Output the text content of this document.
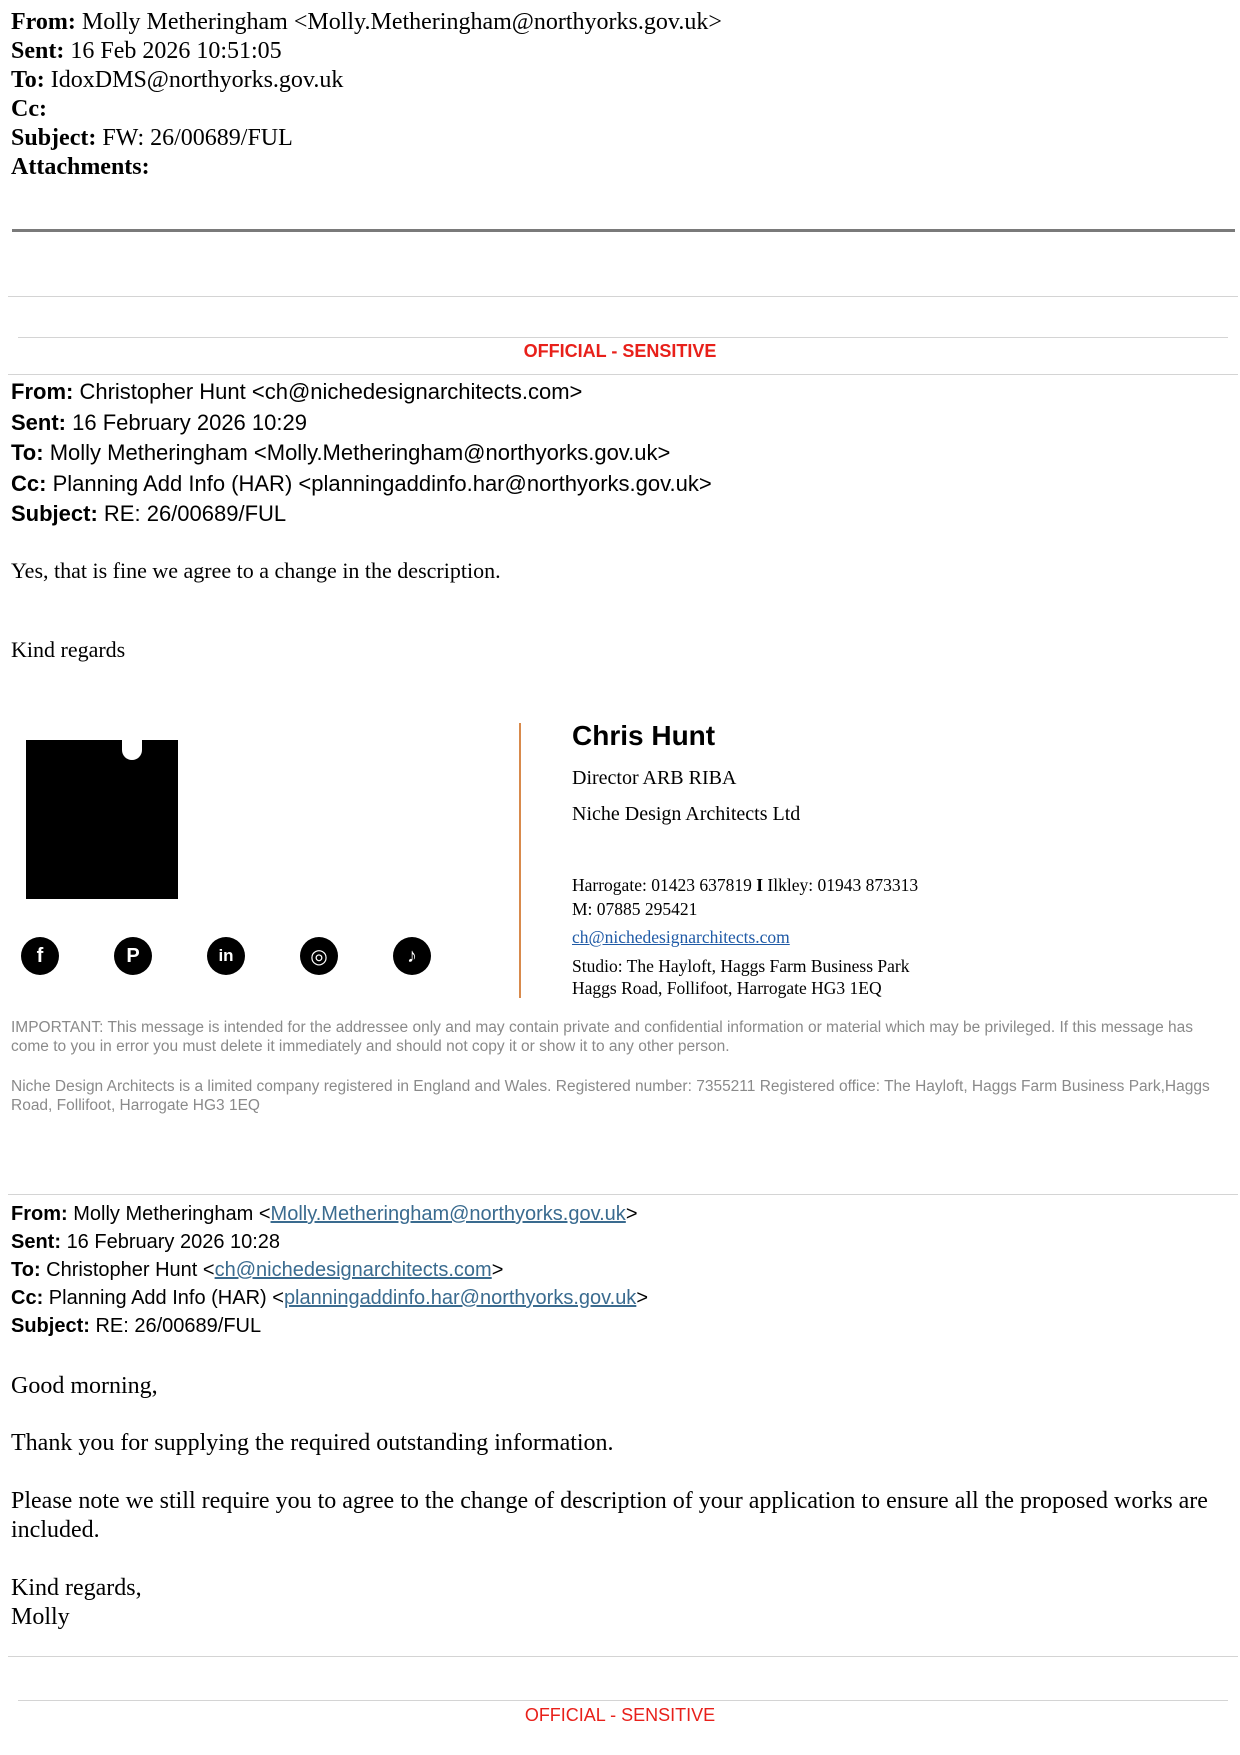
From: Molly Metheringham <Molly.Metheringham@northyorks.gov.uk>
Sent: 16 Feb 2026 10:51:05
To: IdoxDMS@northyorks.gov.uk
Cc:
Subject: FW: 26/00689/FUL
Attachments:
OFFICIAL - SENSITIVE
From: Christopher Hunt <ch@nichedesignarchitects.com>
Sent: 16 February 2026 10:29
To: Molly Metheringham <Molly.Metheringham@northyorks.gov.uk>
Cc: Planning Add Info (HAR) <planningaddinfo.har@northyorks.gov.uk>
Subject: RE: 26/00689/FUL
Yes, that is fine we agree to a change in the description.
Kind regards
f	P	in	◎	♪
Chris Hunt
Director ARB RIBA
Niche Design Architects Ltd
Harrogate: 01423 637819 I Ilkley: 01943 873313
M: 07885 295421
ch@nichedesignarchitects.com
Studio: The Hayloft, Haggs Farm Business Park
Haggs Road, Follifoot, Harrogate HG3 1EQ
IMPORTANT: This message is intended for the addressee only and may contain private and confidential information or material which may be privileged. If this message has come to you in error you must delete it immediately and should not copy it or show it to any other person.
Niche Design Architects is a limited company registered in England and Wales. Registered number: 7355211 Registered office: The Hayloft, Haggs Farm Business Park,Haggs Road, Follifoot, Harrogate HG3 1EQ
From: Molly Metheringham <Molly.Metheringham@northyorks.gov.uk>
Sent: 16 February 2026 10:28
To: Christopher Hunt <ch@nichedesignarchitects.com>
Cc: Planning Add Info (HAR) <planningaddinfo.har@northyorks.gov.uk>
Subject: RE: 26/00689/FUL
Good morning,
Thank you for supplying the required outstanding information.
Please note we still require you to agree to the change of description of your application to ensure all the proposed works are included.
Kind regards,
Molly
OFFICIAL - SENSITIVE
